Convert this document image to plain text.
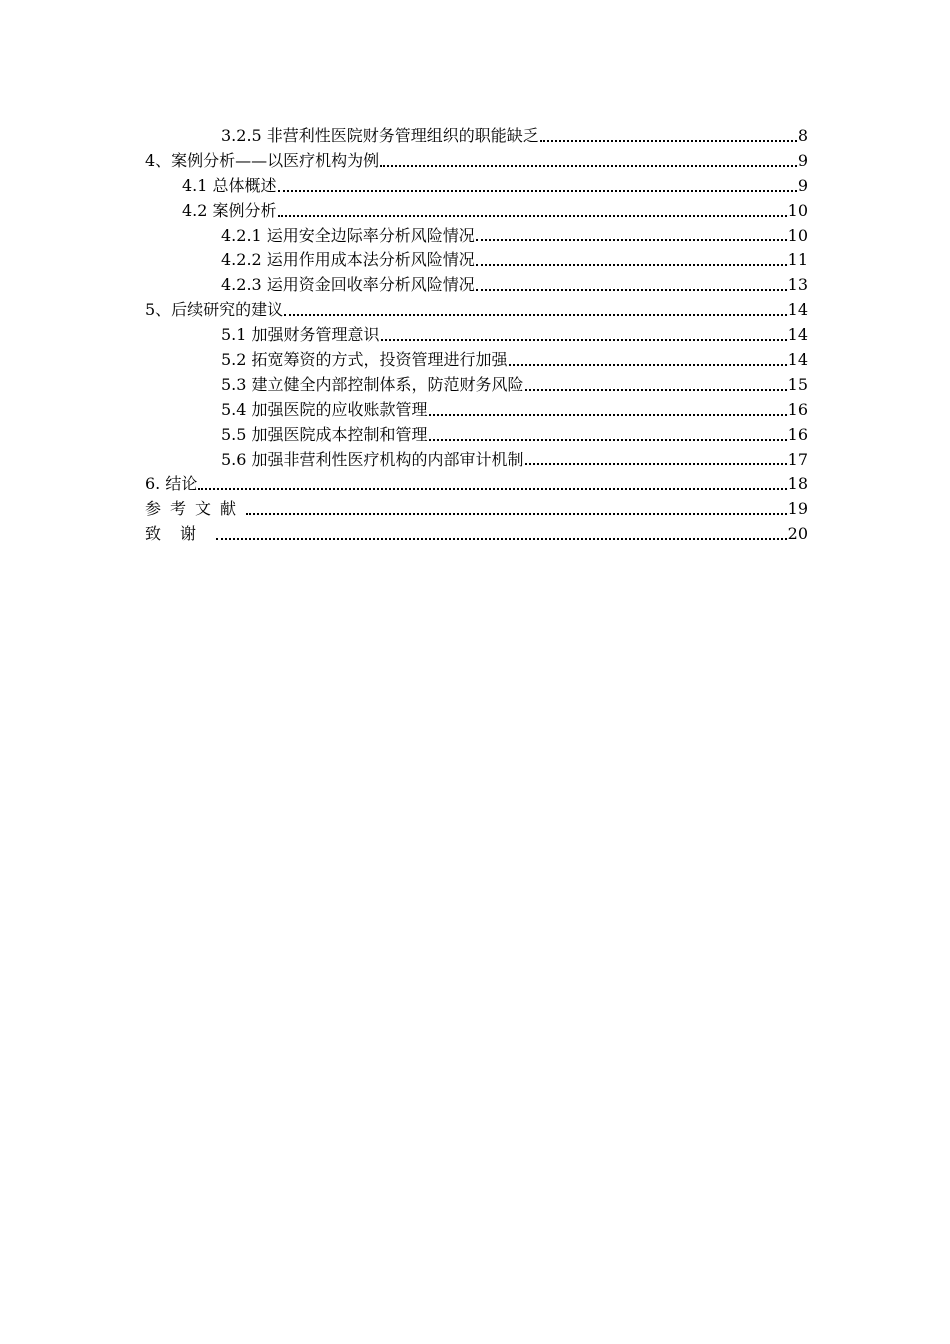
3.2.5 非营利性医院财务管理组织的职能缺乏	8
4、案例分析——以医疗机构为例	9
4.1 总体概述	9
4.2 案例分析	10
4.2.1 运用安全边际率分析风险情况	10
4.2.2 运用作用成本法分析风险情况	11
4.2.3 运用资金回收率分析风险情况	13
5、后续研究的建议	14
5.1 加强财务管理意识	14
5.2 拓宽筹资的方式，投资管理进行加强	14
5.3 建立健全内部控制体系，防范财务风险	15
5.4 加强医院的应收账款管理	16
5.5 加强医院成本控制和管理	16
5.6 加强非营利性医疗机构的内部审计机制	17
6. 结论	18
参考文献	19
致谢	20
